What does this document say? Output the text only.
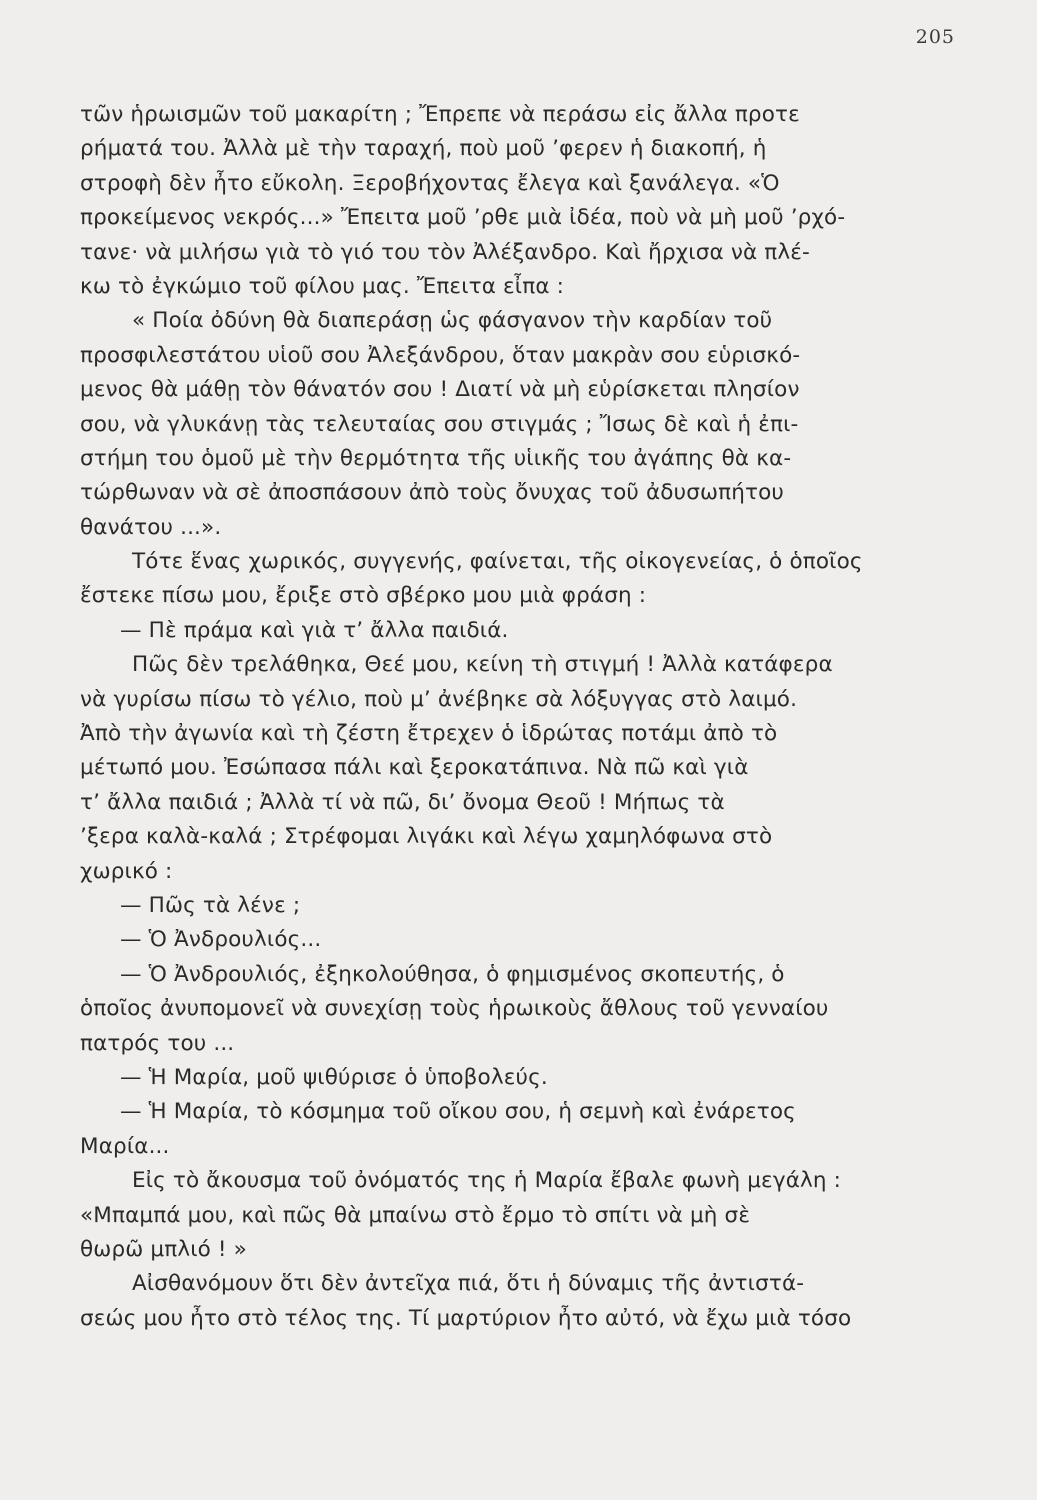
205
τῶν ἡρωισμῶν τοῦ μακαρίτη ; Ἔπρεπε νὰ περάσω εἰς ἄλλα προτε
ρήματά του. Ἀλλὰ μὲ τὴν ταραχή, ποὺ μοῦ ’φερεν ἡ διακοπή, ἡ
στροφὴ δὲν ἦτο εὔκολη. Ξεροβήχοντας ἔλεγα καὶ ξανάλεγα. «Ὁ
προκείμενος νεκρός...» Ἔπειτα μοῦ ’ρθε μιὰ ἰδέα, ποὺ νὰ μὴ μοῦ ’ρχό-
τανε· νὰ μιλήσω γιὰ τὸ γιό του τὸν Ἀλέξανδρο. Καὶ ἤρχισα νὰ πλέ-
κω τὸ ἐγκώμιο τοῦ φίλου μας. Ἔπειτα εἶπα :
« Ποία ὀδύνη θὰ διαπεράσῃ ὡς φάσγανον τὴν καρδίαν τοῦ
προσφιλεστάτου υἱοῦ σου Ἀλεξάνδρου, ὅταν μακρὰν σου εὑρισκό-
μενος θὰ μάθῃ τὸν θάνατόν σου ! Διατί νὰ μὴ εὑρίσκεται πλησίον
σου, νὰ γλυκάνῃ τὰς τελευταίας σου στιγμάς ; Ἴσως δὲ καὶ ἡ ἐπι-
στήμη του ὁμοῦ μὲ τὴν θερμότητα τῆς υἱικῆς του ἀγάπης θὰ κα-
τώρθωναν νὰ σὲ ἀποσπάσουν ἀπὸ τοὺς ὄνυχας τοῦ ἀδυσωπήτου
θανάτου ...».
Τότε ἕνας χωρικός, συγγενής, φαίνεται, τῆς οἰκογενείας, ὁ ὁποῖος
ἔστεκε πίσω μου, ἔριξε στὸ σβέρκο μου μιὰ φράση :
— Πὲ πράμα καὶ γιὰ τ’ ἄλλα παιδιά.
Πῶς δὲν τρελάθηκα, Θεέ μου, κείνη τὴ στιγμή ! Ἀλλὰ κατάφερα
νὰ γυρίσω πίσω τὸ γέλιο, ποὺ μ’ ἀνέβηκε σὰ λόξυγγας στὸ λαιμό.
Ἀπὸ τὴν ἀγωνία καὶ τὴ ζέστη ἔτρεχεν ὁ ἱδρώτας ποτάμι ἀπὸ τὸ
μέτωπό μου. Ἐσώπασα πάλι καὶ ξεροκατάπινα. Νὰ πῶ καὶ γιὰ
τ’ ἄλλα παιδιά ; Ἀλλὰ τί νὰ πῶ, δι’ ὄνομα Θεοῦ ! Μήπως τὰ
’ξερα καλὰ-καλά ; Στρέφομαι λιγάκι καὶ λέγω χαμηλόφωνα στὸ
χωρικό :
— Πῶς τὰ λένε ;
— Ὁ Ἀνδρουλιός...
— Ὁ Ἀνδρουλιός, ἐξηκολούθησα, ὁ φημισμένος σκοπευτής, ὁ
ὁποῖος ἀνυπομονεῖ νὰ συνεχίσῃ τοὺς ἡρωικοὺς ἄθλους τοῦ γενναίου
πατρός του ...
— Ἡ Μαρία, μοῦ ψιθύρισε ὁ ὑποβολεύς.
— Ἡ Μαρία, τὸ κόσμημα τοῦ οἴκου σου, ἡ σεμνὴ καὶ ἐνάρετος
Μαρία...
Εἰς τὸ ἄκουσμα τοῦ ὀνόματός της ἡ Μαρία ἔβαλε φωνὴ μεγάλη :
«Μπαμπά μου, καὶ πῶς θὰ μπαίνω στὸ ἔρμο τὸ σπίτι νὰ μὴ σὲ
θωρῶ μπλιό ! »
Αἰσθανόμουν ὅτι δὲν ἀντεῖχα πιά, ὅτι ἡ δύναμις τῆς ἀντιστά-
σεώς μου ἦτο στὸ τέλος της. Τί μαρτύριον ἦτο αὐτό, νὰ ἔχω μιὰ τόσο
